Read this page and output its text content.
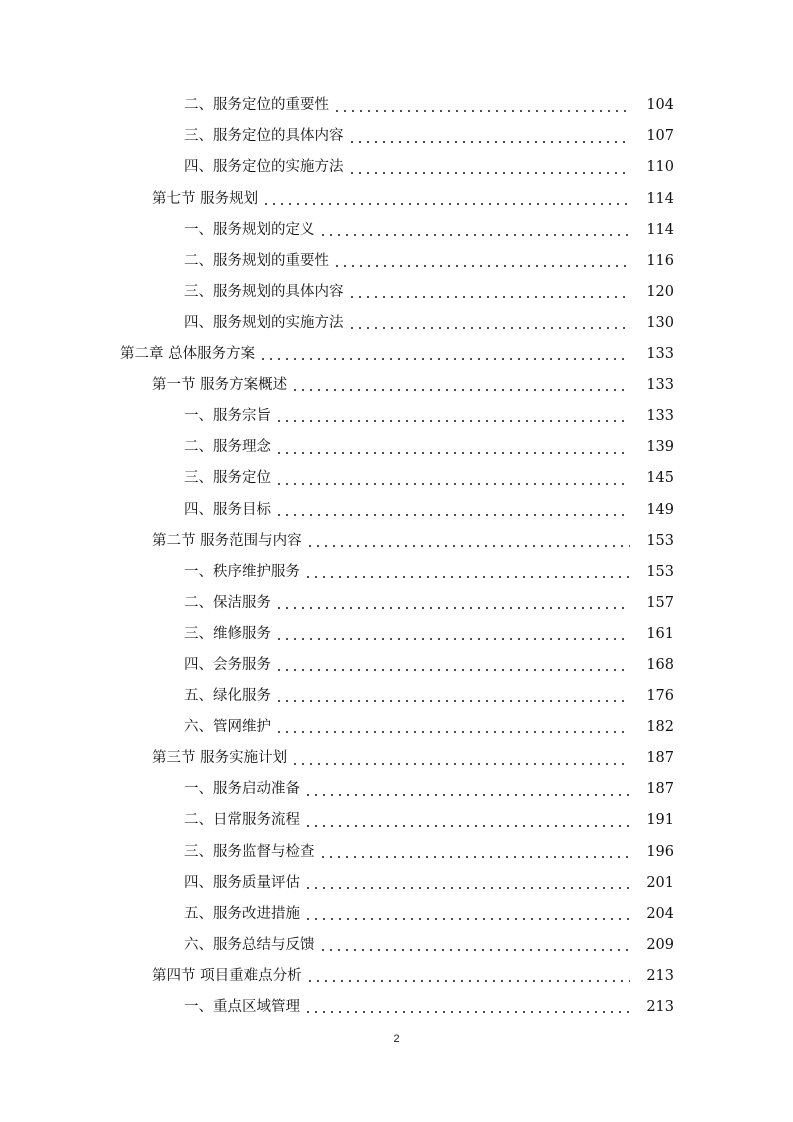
二、服务定位的重要性	104
三、服务定位的具体内容	107
四、服务定位的实施方法	110
第七节 服务规划	114
一、服务规划的定义	114
二、服务规划的重要性	116
三、服务规划的具体内容	120
四、服务规划的实施方法	130
第二章 总体服务方案	133
第一节 服务方案概述	133
一、服务宗旨	133
二、服务理念	139
三、服务定位	145
四、服务目标	149
第二节 服务范围与内容	153
一、秩序维护服务	153
二、保洁服务	157
三、维修服务	161
四、会务服务	168
五、绿化服务	176
六、管网维护	182
第三节 服务实施计划	187
一、服务启动准备	187
二、日常服务流程	191
三、服务监督与检查	196
四、服务质量评估	201
五、服务改进措施	204
六、服务总结与反馈	209
第四节 项目重难点分析	213
一、重点区域管理	213
2
